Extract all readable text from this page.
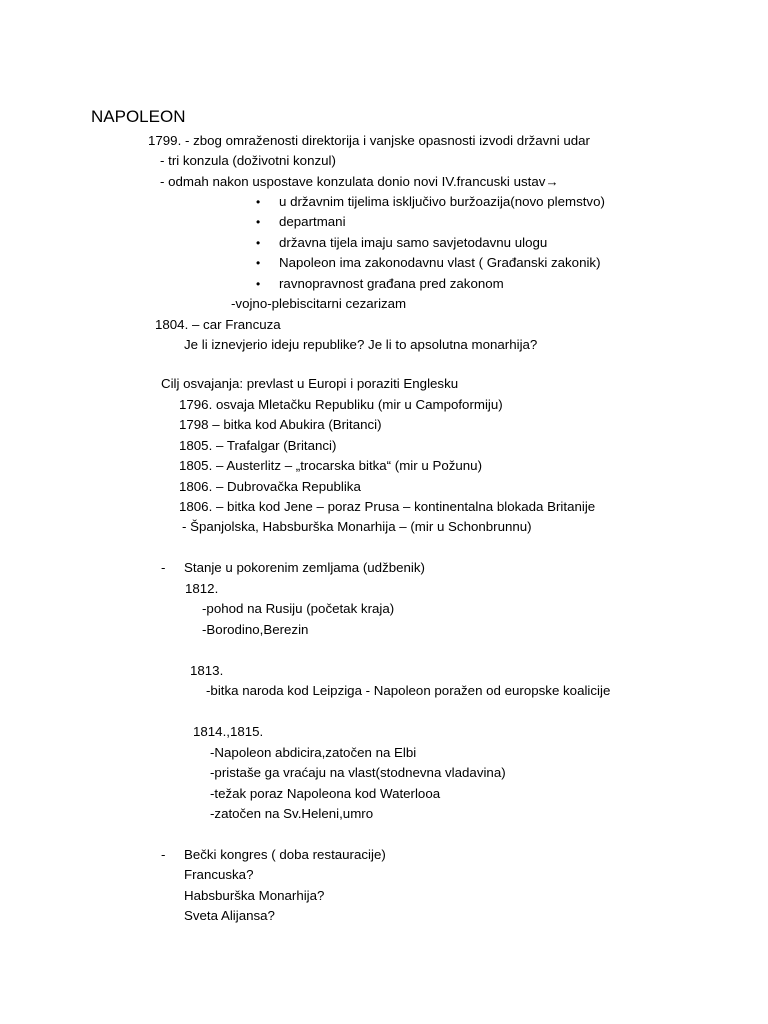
NAPOLEON
1799. - zbog omraženosti direktorija i vanjske opasnosti izvodi državni udar
- tri konzula (doživotni konzul)
- odmah nakon uspostave konzulata donio novi IV.francuski ustav→
• u državnim tijelima isključivo buržoazija(novo plemstvo)
• departmani
• državna tijela imaju samo savjetodavnu ulogu
• Napoleon ima zakonodavnu vlast ( Građanski zakonik)
• ravnopravnost građana pred zakonom
-vojno-plebiscitarni cezarizam
1804. – car Francuza
Je li iznevjerio ideju republike? Je li to apsolutna monarhija?
Cilj osvajanja: prevlast u Europi i poraziti Englesku
1796. osvaja Mletačku Republiku (mir u Campoformiju)
1798 – bitka kod Abukira (Britanci)
1805. – Trafalgar (Britanci)
1805. – Austerlitz – „trocarska bitka“ (mir u Požunu)
1806. – Dubrovačka Republika
1806. – bitka kod Jene – poraz Prusa – kontinentalna blokada Britanije
- Španjolska, Habsburška Monarhija – (mir u Schonbrunnu)
- Stanje u pokorenim zemljama (udžbenik)
1812.
-pohod na Rusiju (početak kraja)
-Borodino,Berezin
1813.
-bitka naroda kod Leipziga - Napoleon poražen od europske koalicije
1814.,1815.
-Napoleon abdicira,zatočen na Elbi
-pristaše ga vraćaju na vlast(stodnevna vladavina)
-težak poraz Napoleona kod Waterlooa
-zatočen na Sv.Heleni,umro
- Bečki kongres ( doba restauracije)
Francuska?
Habsburška Monarhija?
Sveta Alijansa?
